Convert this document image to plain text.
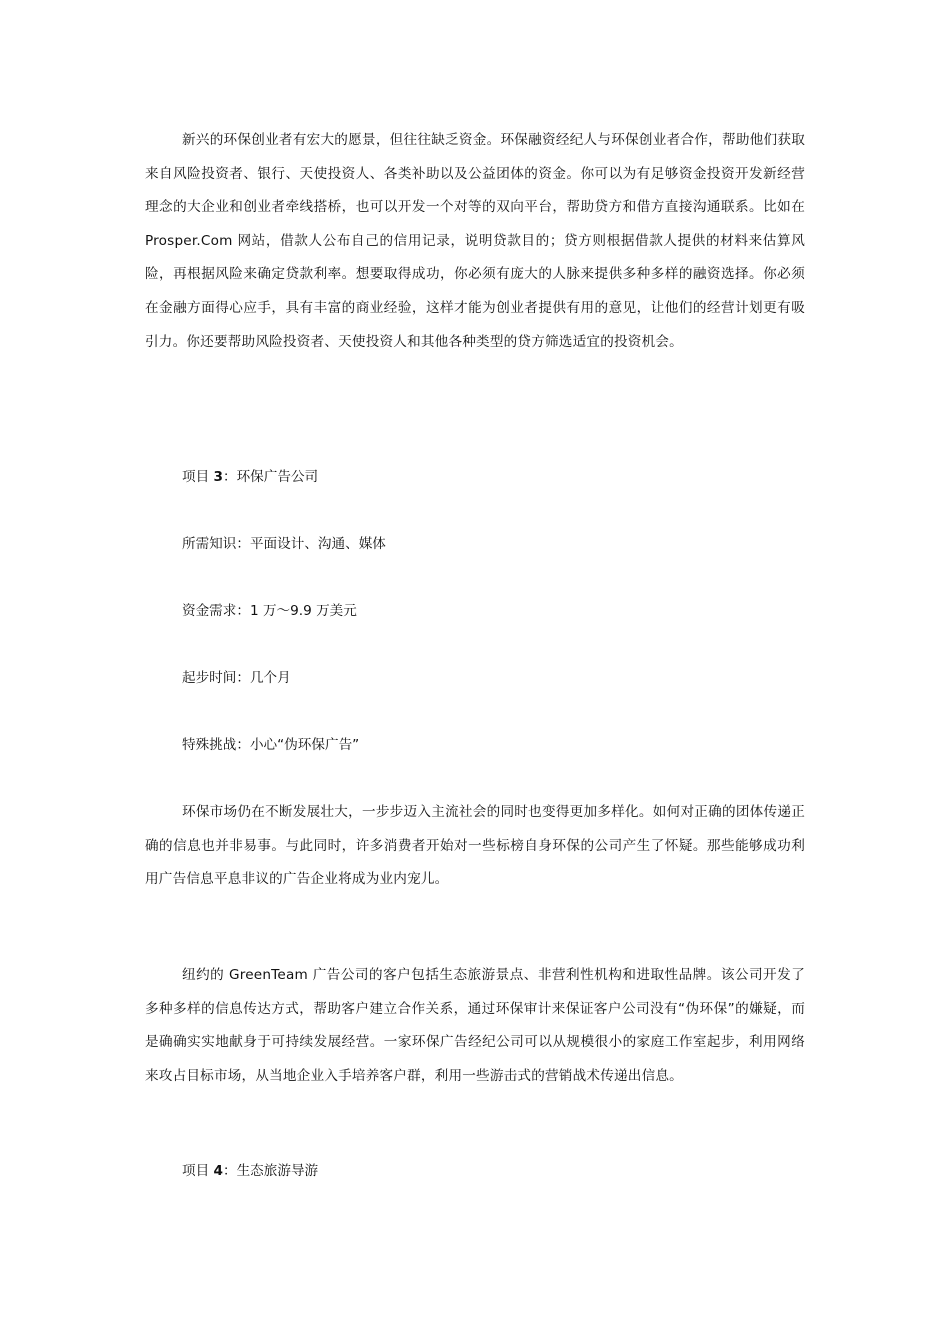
新兴的环保创业者有宏大的愿景，但往往缺乏资金。环保融资经纪人与环保创业者合作，帮助他们获取来自风险投资者、银行、天使投资人、各类补助以及公益团体的资金。你可以为有足够资金投资开发新经营理念的大企业和创业者牵线搭桥，也可以开发一个对等的双向平台，帮助贷方和借方直接沟通联系。比如在 Prosper.Com 网站，借款人公布自己的信用记录，说明贷款目的；贷方则根据借款人提供的材料来估算风险，再根据风险来确定贷款利率。想要取得成功，你必须有庞大的人脉来提供多种多样的融资选择。你必须在金融方面得心应手，具有丰富的商业经验，这样才能为创业者提供有用的意见，让他们的经营计划更有吸引力。你还要帮助风险投资者、天使投资人和其他各种类型的贷方筛选适宜的投资机会。

项目 3：环保广告公司

所需知识：平面设计、沟通、媒体

资金需求：1 万～9.9 万美元

起步时间：几个月

特殊挑战：小心“伪环保广告”

环保市场仍在不断发展壮大，一步步迈入主流社会的同时也变得更加多样化。如何对正确的团体传递正确的信息也并非易事。与此同时，许多消费者开始对一些标榜自身环保的公司产生了怀疑。那些能够成功利用广告信息平息非议的广告企业将成为业内宠儿。

纽约的 GreenTeam 广告公司的客户包括生态旅游景点、非营利性机构和进取性品牌。该公司开发了多种多样的信息传达方式，帮助客户建立合作关系，通过环保审计来保证客户公司没有“伪环保”的嫌疑，而是确确实实地献身于可持续发展经营。一家环保广告经纪公司可以从规模很小的家庭工作室起步，利用网络来攻占目标市场，从当地企业入手培养客户群，利用一些游击式的营销战术传递出信息。

项目 4：生态旅游导游
